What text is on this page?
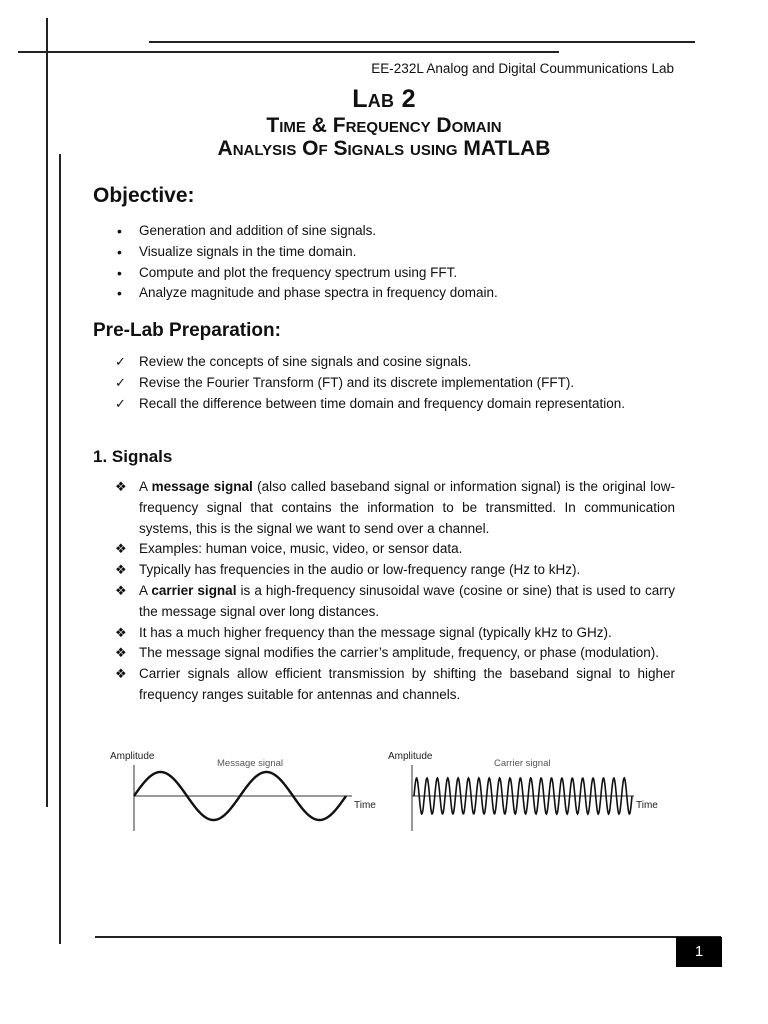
EE-232L Analog and Digital Coummunications Lab
Lab 2
Time & Frequency Domain
Analysis Of Signals using MATLAB
Objective:
• Generation and addition of sine signals.
• Visualize signals in the time domain.
• Compute and plot the frequency spectrum using FFT.
• Analyze magnitude and phase spectra in frequency domain.
Pre-Lab Preparation:
✓ Review the concepts of sine signals and cosine signals.
✓ Revise the Fourier Transform (FT) and its discrete implementation (FFT).
✓ Recall the difference between time domain and frequency domain representation.
1. Signals
❖ A message signal (also called baseband signal or information signal) is the original low-frequency signal that contains the information to be transmitted. In communication systems, this is the signal we want to send over a channel.
❖ Examples: human voice, music, video, or sensor data.
❖ Typically has frequencies in the audio or low-frequency range (Hz to kHz).
❖ A carrier signal is a high-frequency sinusoidal wave (cosine or sine) that is used to carry the message signal over long distances.
❖ It has a much higher frequency than the message signal (typically kHz to GHz).
❖ The message signal modifies the carrier’s amplitude, frequency, or phase (modulation).
❖ Carrier signals allow efficient transmission by shifting the baseband signal to higher frequency ranges suitable for antennas and channels.
Amplitude
Message signal
Time
Amplitude
Carrier signal
Time
1
